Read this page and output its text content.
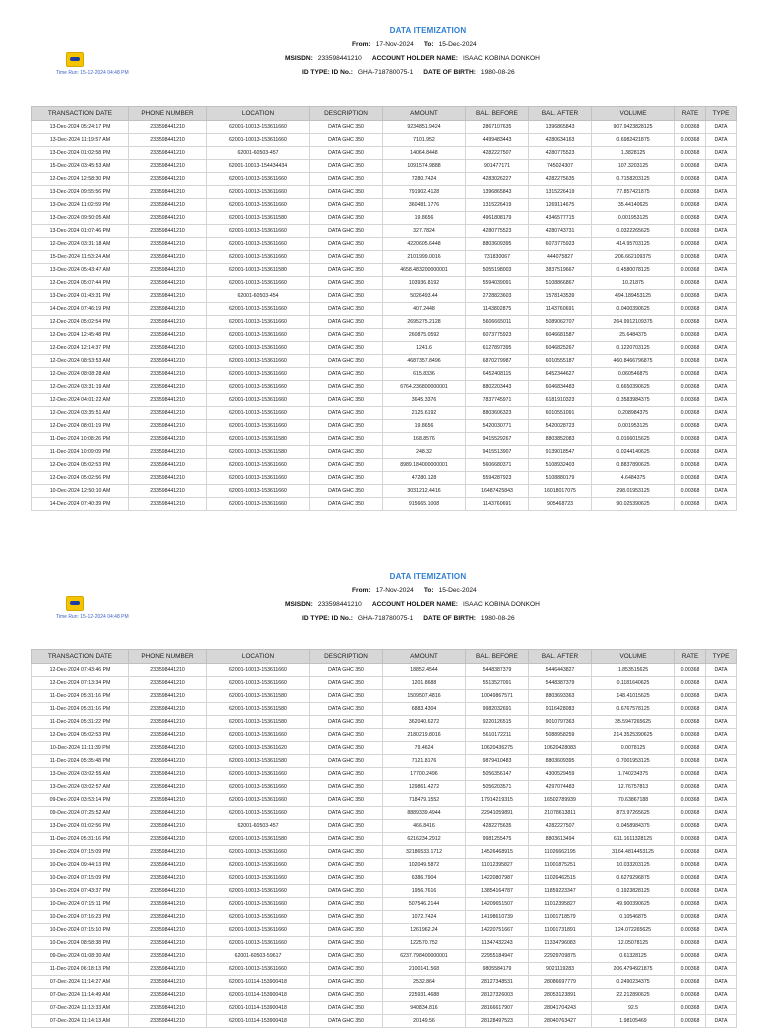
Time Run: 15-12-2024 04:48 PM
DATA ITEMIZATION
From: 17-Nov-2024 To: 15-Dec-2024
MSISDN: 233598441210 ACCOUNT HOLDER NAME: ISAAC KOBINA DONKOH
ID TYPE: ID No.: GHA-718780075-1 DATE OF BIRTH: 1980-08-26
TRANSACTION DATE	PHONE NUMBER	LOCATION	DESCRIPTION	AMOUNT	BAL. BEFORE	BAL. AFTER	VOLUME	RATE	TYPE
13-Dec-2024 05:24:17 PM	233598441210	62001-10013-153611660	DATA GHC 350	9234851.9424	2867107635	1396865843	907.9423828125	0.00368	DATA
13-Dec-2024 11:19:57 AM	233598441210	62001-10013-153611660	DATA GHC 350	7101.952	4499483443	4280634163	0.6982421875	0.00368	DATA
13-Dec-2024 01:02:58 PM	233598441210	62001-60503-457	DATA GHC 350	14064.8448	4282227507	4280775523	1.3828125	0.00368	DATA
15-Dec-2024 03:45:53 AM	233598441210	62001-10013-154434434	DATA GHC 350	1091574.9888	901477171	745024307	107.3203125	0.00368	DATA
12-Dec-2024 12:58:30 PM	233598441210	62001-10013-153611660	DATA GHC 350	7280.7424	4283026227	4282275635	0.7158203125	0.00368	DATA
13-Dec-2024 09:55:56 PM	233598441210	62001-10013-153611660	DATA GHC 350	791902.4128	1396865843	1315226419	77.857421875	0.00368	DATA
13-Dec-2024 11:02:59 PM	233598441210	62001-10013-153611660	DATA GHC 350	360481.1776	1315226419	1269114675	35.44140625	0.00368	DATA
13-Dec-2024 09:50:05 AM	233598441210	62001-10013-153611580	DATA GHC 350	19.8656	4961808179	4346577715	0.001953125	0.00368	DATA
13-Dec-2024 01:07:46 PM	233598441210	62001-10013-153611660	DATA GHC 350	327.7824	4280775523	4280743731	0.0322265625	0.00368	DATA
12-Dec-2024 03:31:18 AM	233598441210	62001-10013-153611660	DATA GHC 350	4220605.6448	8803609395	6073775923	414.95703125	0.00368	DATA
15-Dec-2024 11:53:24 AM	233598441210	62001-10013-153611660	DATA GHC 350	2101999.0016	731830067	444075827	206.662109375	0.00368	DATA
13-Dec-2024 05:43:47 AM	233598441210	62001-10013-153611580	DATA GHC 350	4658.483200000001	5055198003	3837519667	0.4580078125	0.00368	DATA
12-Dec-2024 05:07:44 PM	233598441210	62001-10013-153611660	DATA GHC 350	103936.8192	5594039091	5108866867	10.21875	0.00368	DATA
13-Dec-2024 01:43:31 PM	233598441210	62001-60503-454	DATA GHC 350	5026493.44	2728823603	1578143539	494.189453125	0.00368	DATA
14-Dec-2024 07:46:19 PM	233598441210	62001-10013-153611660	DATA GHC 350	407.2448	1143802875	1143760691	0.0400390625	0.00368	DATA
12-Dec-2024 05:02:54 PM	233598441210	62001-10013-153611660	DATA GHC 350	2695275.2128	5606665011	5089062707	264.9912109375	0.00368	DATA
12-Dec-2024 12:45:48 PM	233598441210	62001-10013-153611660	DATA GHC 350	260875.0592	6073775923	6046681587	25.6484375	0.00368	DATA
12-Dec-2024 12:14:37 PM	233598441210	62001-10013-153611660	DATA GHC 350	1241.6	6127897395	6046825267	0.1220703125	0.00368	DATA
12-Dec-2024 08:53:53 AM	233598441210	62001-10013-153611660	DATA GHC 350	4687357.8496	6870279987	6010555187	460.8466796875	0.00368	DATA
12-Dec-2024 08:08:28 AM	233598441210	62001-10013-153611660	DATA GHC 350	615.8336	6452408115	6452344627	0.060546875	0.00368	DATA
12-Dec-2024 03:31:19 AM	233598441210	62001-10013-153611660	DATA GHC 350	6764.236800000001	8802203443	6046834483	0.6650390625	0.00368	DATA
12-Dec-2024 04:01:22 AM	233598441210	62001-10013-153611660	DATA GHC 350	3645.3376	7837745971	6181910323	0.3583984375	0.00368	DATA
12-Dec-2024 03:35:51 AM	233598441210	62001-10013-153611660	DATA GHC 350	2125.6192	8803606323	6010551091	0.208984375	0.00368	DATA
12-Dec-2024 08:01:19 PM	233598441210	62001-10013-153611660	DATA GHC 350	19.8656	5420030771	5420028723	0.001953125	0.00368	DATA
11-Dec-2024 10:08:26 PM	233598441210	62001-10013-153611580	DATA GHC 350	168.8576	9415529267	8803852083	0.0166015625	0.00368	DATA
11-Dec-2024 10:09:09 PM	233598441210	62001-10013-153611580	DATA GHC 350	248.32	9415513907	9139018547	0.0244140625	0.00368	DATA
12-Dec-2024 05:02:53 PM	233598441210	62001-10013-153611660	DATA GHC 350	8989.184000000001	5606680371	5108932403	0.8837890625	0.00368	DATA
12-Dec-2024 05:02:56 PM	233598441210	62001-10013-153611660	DATA GHC 350	47280.128	5594287923	5108880179	4.6484375	0.00368	DATA
10-Dec-2024 12:50:10 AM	233598441210	62001-10013-153611660	DATA GHC 350	3031212.4416	16487425843	16018017075	298.01953125	0.00368	DATA
14-Dec-2024 07:40:39 PM	233598441210	62001-10013-153611660	DATA GHC 350	915665.1008	1143760691	905468723	90.025390625	0.00368	DATA
Time Run: 15-12-2024 04:48 PM
DATA ITEMIZATION
From: 17-Nov-2024 To: 15-Dec-2024
MSISDN: 233598441210 ACCOUNT HOLDER NAME: ISAAC KOBINA DONKOH
ID TYPE: ID No.: GHA-718780075-1 DATE OF BIRTH: 1980-08-26
TRANSACTION DATE	PHONE NUMBER	LOCATION	DESCRIPTION	AMOUNT	BAL. BEFORE	BAL. AFTER	VOLUME	RATE	TYPE
12-Dec-2024 07:43:46 PM	233598441210	62001-10013-153611660	DATA GHC 350	18852.4544	5448387379	5446443827	1.853515625	0.00368	DATA
12-Dec-2024 07:13:34 PM	233598441210	62001-10013-153611660	DATA GHC 350	1201.8688	5513527091	5448387379	0.1181640625	0.00368	DATA
11-Dec-2024 05:31:16 PM	233598441210	62001-10013-153611580	DATA GHC 350	1509507.4816	10049867571	8803693363	148.41015625	0.00368	DATA
11-Dec-2024 05:31:16 PM	233598441210	62001-10013-153611580	DATA GHC 350	6883.4304	9982032691	9116428083	0.6767578125	0.00368	DATA
11-Dec-2024 05:31:22 PM	233598441210	62001-10013-153611580	DATA GHC 350	362040.6272	9220126515	9010797363	35.5947265625	0.00368	DATA
12-Dec-2024 05:02:53 PM	233598441210	62001-10013-153611660	DATA GHC 350	2180219.8016	5610172211	5088958259	214.3525390625	0.00368	DATA
10-Dec-2024 11:11:39 PM	233598441210	62001-10013-153611620	DATA GHC 350	79.4624	10620436275	10620428083	0.0078125	0.00368	DATA
11-Dec-2024 05:35:48 PM	233598441210	62001-10013-153611580	DATA GHC 350	7121.8176	9879410483	8803609395	0.7001953125	0.00368	DATA
13-Dec-2024 03:02:55 AM	233598441210	62001-10013-153611660	DATA GHC 350	17700.2496	5056356147	4300529459	1.740234375	0.00368	DATA
13-Dec-2024 03:02:57 AM	233598441210	62001-10013-153611660	DATA GHC 350	129861.4272	5056203571	4297074483	12.76757813	0.00368	DATA
09-Dec-2024 03:53:14 PM	233598441210	62001-10013-153611660	DATA GHC 350	718479.1552	17914219315	16502789939	70.63867188	0.00368	DATA
09-Dec-2024 07:25:52 AM	233598441210	62001-10013-153611660	DATA GHC 350	8889339.4944	22941059891	21078613811	873.97265625	0.00368	DATA
13-Dec-2024 01:02:56 PM	233598441210	62001-60503-457	DATA GHC 350	466.8416	4282275635	4282227507	0.0458984375	0.00368	DATA
11-Dec-2024 05:31:16 PM	233598441210	62001-10013-153611580	DATA GHC 350	6216234.2912	9981255475	8803613494	611.1611328125	0.00368	DATA
10-Dec-2024 07:15:09 PM	233598441210	62001-10013-153611660	DATA GHC 350	32186533.1712	14526468915	11026662195	3164.4814453125	0.00368	DATA
10-Dec-2024 09:44:13 PM	233598441210	62001-10013-153611660	DATA GHC 350	102049.5872	11012395827	11001875251	10.033203125	0.00368	DATA
10-Dec-2024 07:15:09 PM	233598441210	62001-10013-153611660	DATA GHC 350	6386.7904	14220807987	11026462515	0.6279296875	0.00368	DATA
10-Dec-2024 07:43:37 PM	233598441210	62001-10013-153611660	DATA GHC 350	1956.7616	13854164787	11859223347	0.1923828125	0.00368	DATA
10-Dec-2024 07:15:11 PM	233598441210	62001-10013-153611660	DATA GHC 350	507546.2144	14209651507	11012395827	49.900390625	0.00368	DATA
10-Dec-2024 07:16:23 PM	233598441210	62001-10013-153611660	DATA GHC 350	1072.7424	14198610739	11001718579	0.10546875	0.00368	DATA
10-Dec-2024 07:15:10 PM	233598441210	62001-10013-153611660	DATA GHC 350	1261962.24	14220751667	11001731891	124.072265625	0.00368	DATA
10-Dec-2024 08:58:38 PM	233598441210	62001-10013-153611660	DATA GHC 350	122570.752	11347432243	11334796083	12.05078125	0.00368	DATA
09-Dec-2024 01:08:30 AM	233598441210	62001-60503-59617	DATA GHC 350	6237.798400000001	22955184947	22929709875	0.61328125	0.00368	DATA
11-Dec-2024 06:18:13 PM	233598441210	62001-10013-153611660	DATA GHC 350	2100141.568	9805584179	9021119283	206.4794921875	0.00368	DATA
07-Dec-2024 11:14:27 AM	233598441210	62001-10114-153900418	DATA GHC 350	2532.864	28127348531	28086697779	0.2490234375	0.00368	DATA
07-Dec-2024 11:14:49 AM	233598441210	62001-10114-153900418	DATA GHC 350	225931.4688	28127326003	28053123891	22.212890625	0.00368	DATA
07-Dec-2024 11:13:33 AM	233598441210	62001-10114-153900418	DATA GHC 350	940834.816	28166617907	28041704243	92.5	0.00368	DATA
07-Dec-2024 11:14:13 AM	233598441210	62001-10114-153900418	DATA GHC 350	20149.56	28128497523	28040763427	1.98105469	0.00368	DATA
